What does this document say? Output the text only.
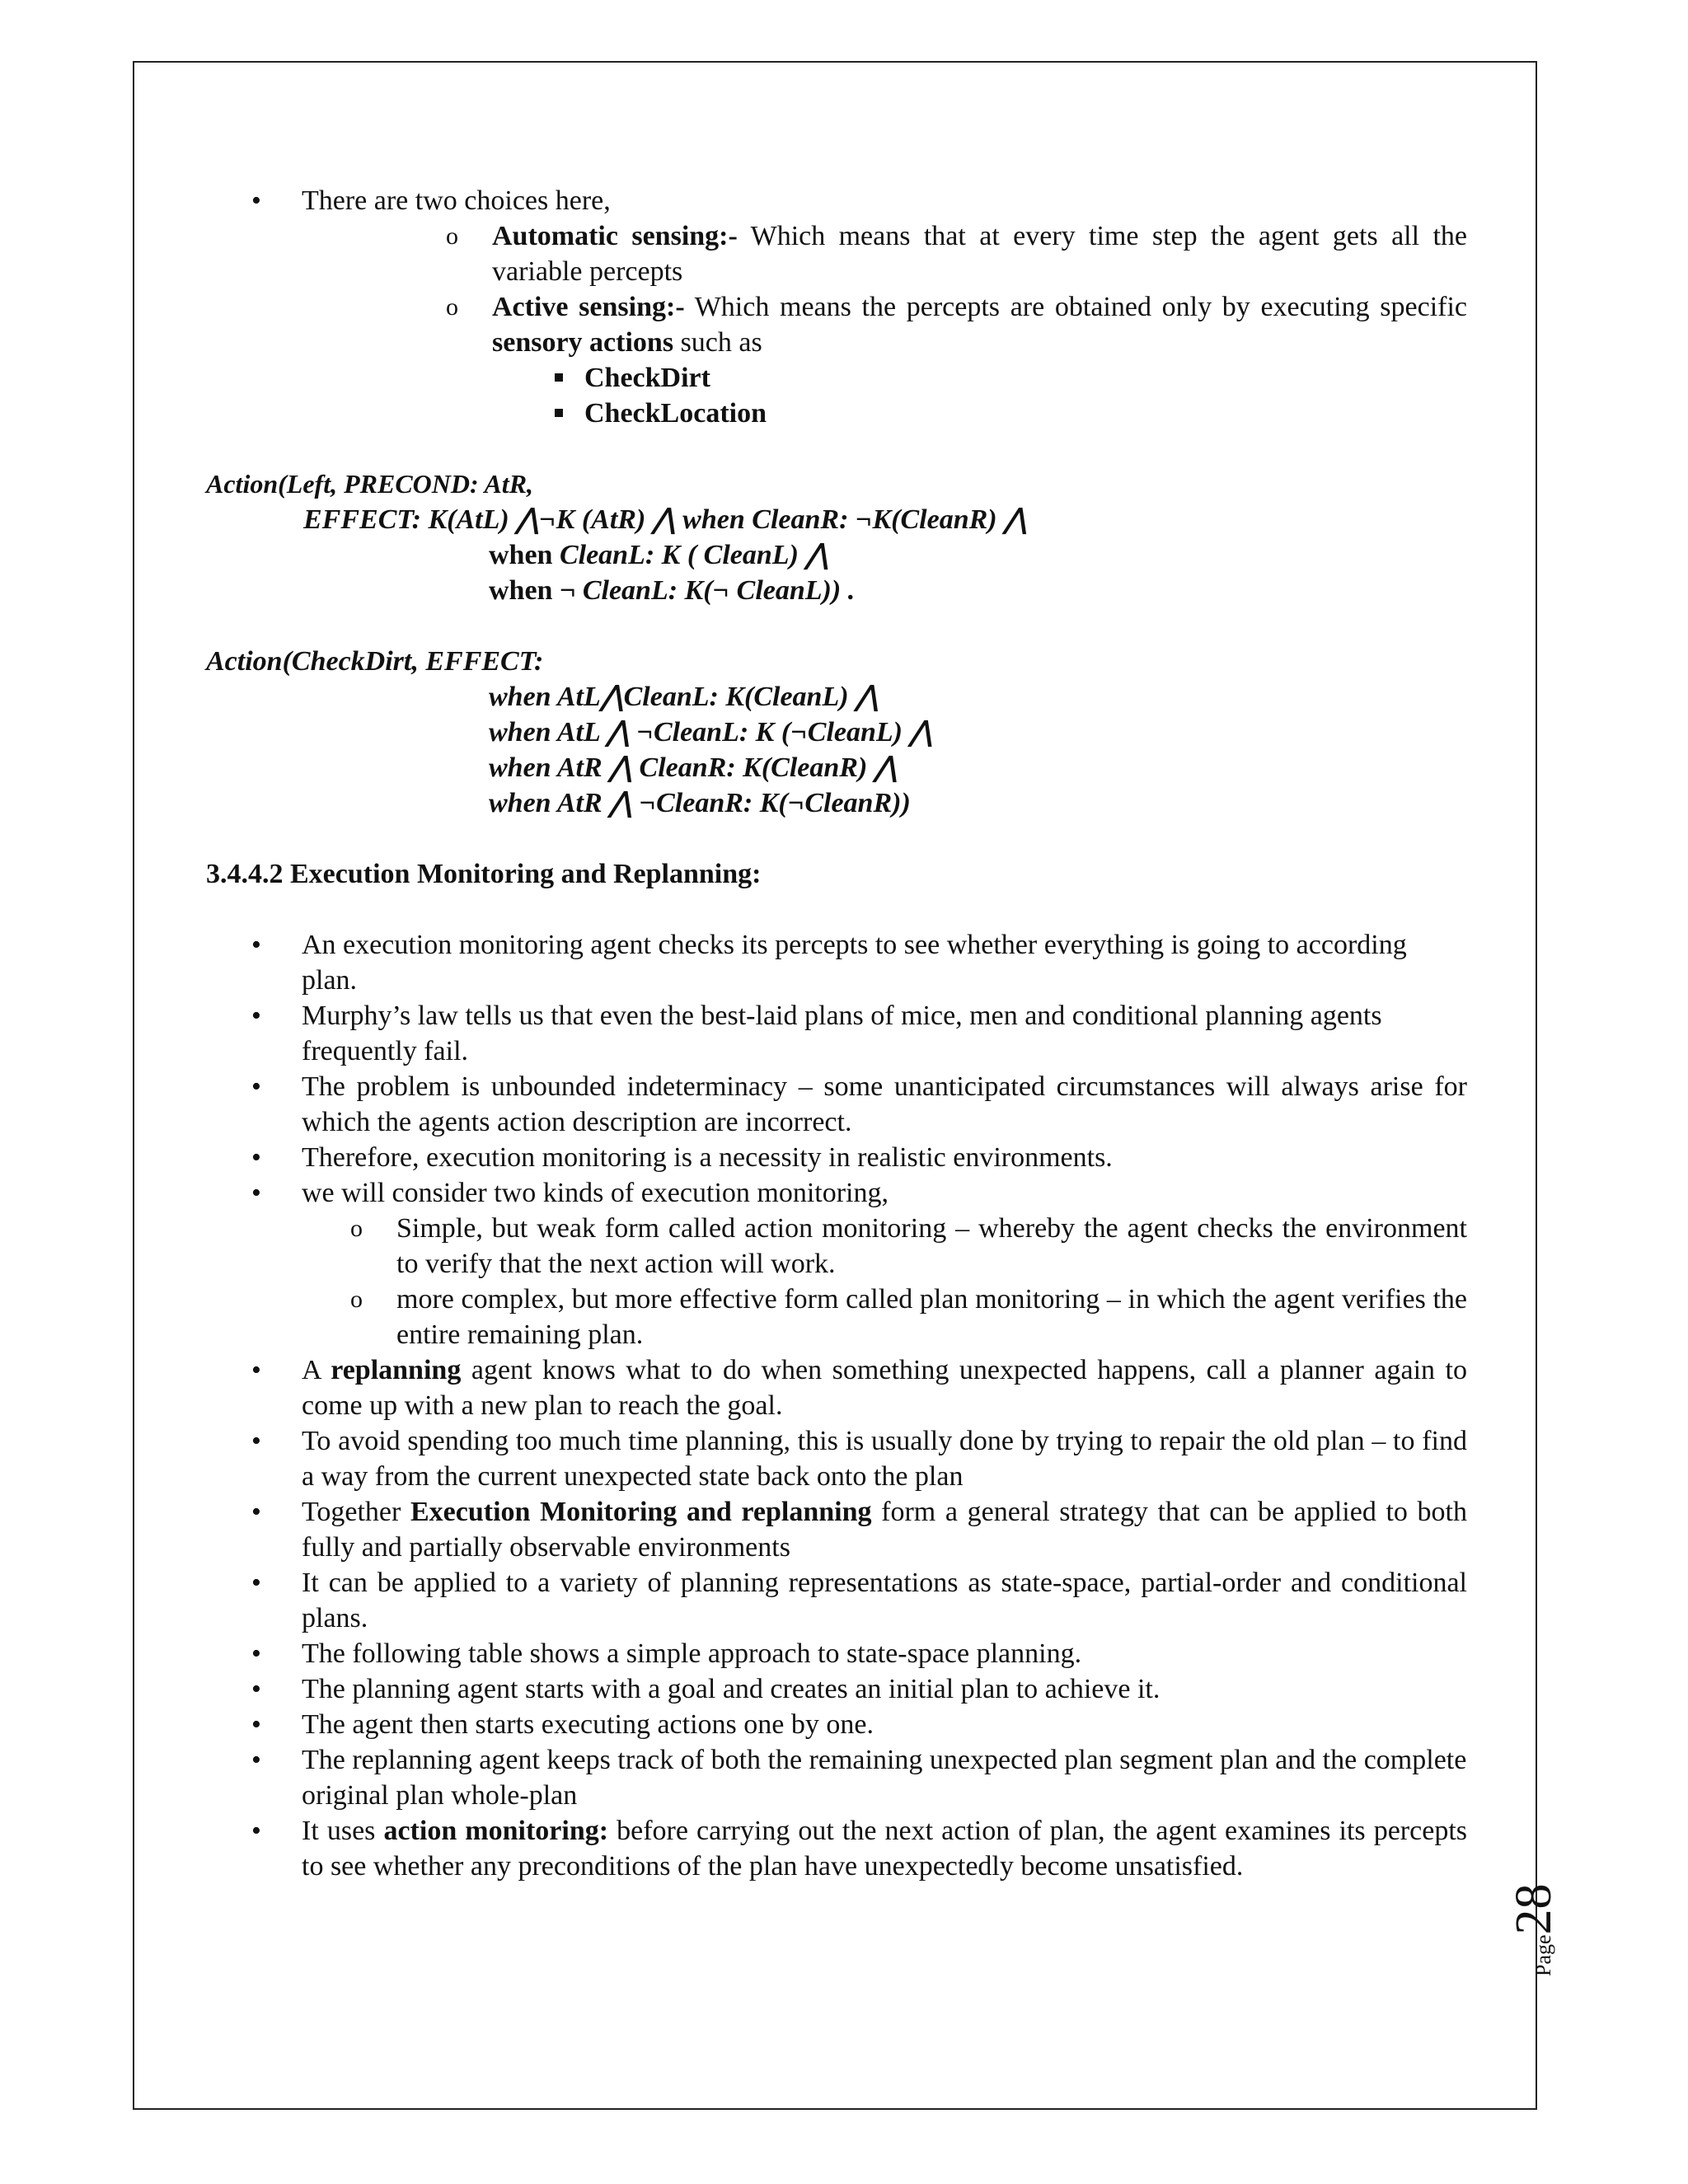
• There are two choices here,
o Automatic sensing:- Which means that at every time step the agent gets all the variable percepts
o Active sensing:- Which means the percepts are obtained only by executing specific sensory actions such as
CheckDirt
CheckLocation
Action(Left, PRECOND: AtR,
EFFECT: K(AtL) ⋀¬K (AtR) ⋀ when CleanR: ¬K(CleanR) ⋀
when CleanL: K ( CleanL) ⋀
when ¬ CleanL: K(¬ CleanL)) .
Action(CheckDirt, EFFECT:
when AtL⋀CleanL: K(CleanL) ⋀
when AtL ⋀ ¬CleanL: K (¬CleanL) ⋀
when AtR ⋀ CleanR: K(CleanR) ⋀
when AtR ⋀ ¬CleanR: K(¬CleanR))
3.4.4.2 Execution Monitoring and Replanning:
• An execution monitoring agent checks its percepts to see whether everything is going to according plan.
• Murphy’s law tells us that even the best-laid plans of mice, men and conditional planning agents frequently fail.
• The problem is unbounded indeterminacy – some unanticipated circumstances will always arise for which the agents action description are incorrect.
• Therefore, execution monitoring is a necessity in realistic environments.
• we will consider two kinds of execution monitoring,
o Simple, but weak form called action monitoring – whereby the agent checks the environment to verify that the next action will work.
o more complex, but more effective form called plan monitoring – in which the agent verifies the entire remaining plan.
• A replanning agent knows what to do when something unexpected happens, call a planner again to come up with a new plan to reach the goal.
• To avoid spending too much time planning, this is usually done by trying to repair the old plan – to find a way from the current unexpected state back onto the plan
• Together Execution Monitoring and replanning form a general strategy that can be applied to both fully and partially observable environments
• It can be applied to a variety of planning representations as state-space, partial-order and conditional plans.
• The following table shows a simple approach to state-space planning.
• The planning agent starts with a goal and creates an initial plan to achieve it.
• The agent then starts executing actions one by one.
• The replanning agent keeps track of both the remaining unexpected plan segment plan and the complete original plan whole-plan
• It uses action monitoring: before carrying out the next action of plan, the agent examines its percepts to see whether any preconditions of the plan have unexpectedly become unsatisfied.
Page28
